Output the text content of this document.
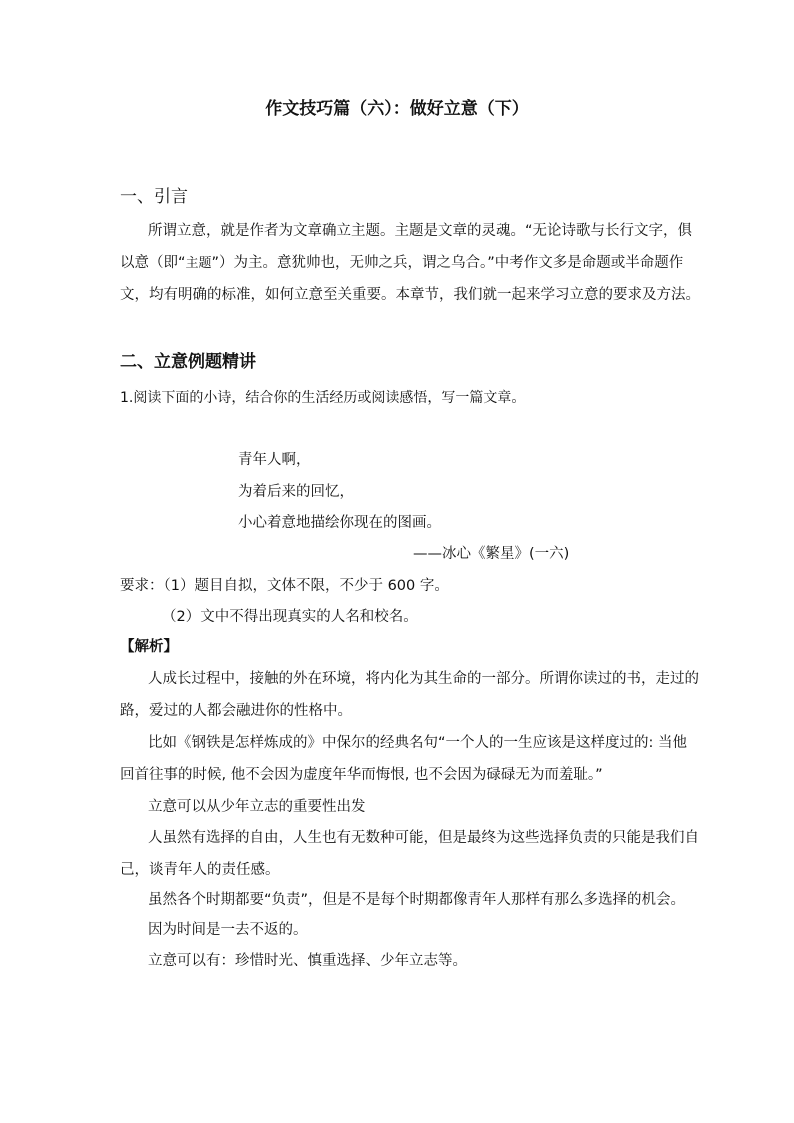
作文技巧篇（六）：做好立意（下）
一、引言
所谓立意，就是作者为文章确立主题。主题是文章的灵魂。“无论诗歌与长行文字，俱
以意（即“主题”）为主。意犹帅也，无帅之兵，谓之乌合。”中考作文多是命题或半命题作
文，均有明确的标准，如何立意至关重要。本章节，我们就一起来学习立意的要求及方法。
二、立意例题精讲
1.阅读下面的小诗，结合你的生活经历或阅读感悟，写一篇文章。
青年人啊，
为着后来的回忆，
小心着意地描绘你现在的图画。
——冰心《繁星》(一六)
要求：（1）题目自拟，文体不限，不少于 600 字。
（2）文中不得出现真实的人名和校名。
【解析】
人成长过程中，接触的外在环境，将内化为其生命的一部分。所谓你读过的书，走过的
路，爱过的人都会融进你的性格中。
比如《钢铁是怎样炼成的》中保尔的经典名句“一个人的一生应该是这样度过的: 当他
回首往事的时候, 他不会因为虚度年华而悔恨, 也不会因为碌碌无为而羞耻。”
立意可以从少年立志的重要性出发
人虽然有选择的自由，人生也有无数种可能，但是最终为这些选择负责的只能是我们自
己，谈青年人的责任感。
虽然各个时期都要“负责”，但是不是每个时期都像青年人那样有那么多选择的机会。
因为时间是一去不返的。
立意可以有：珍惜时光、慎重选择、少年立志等。
